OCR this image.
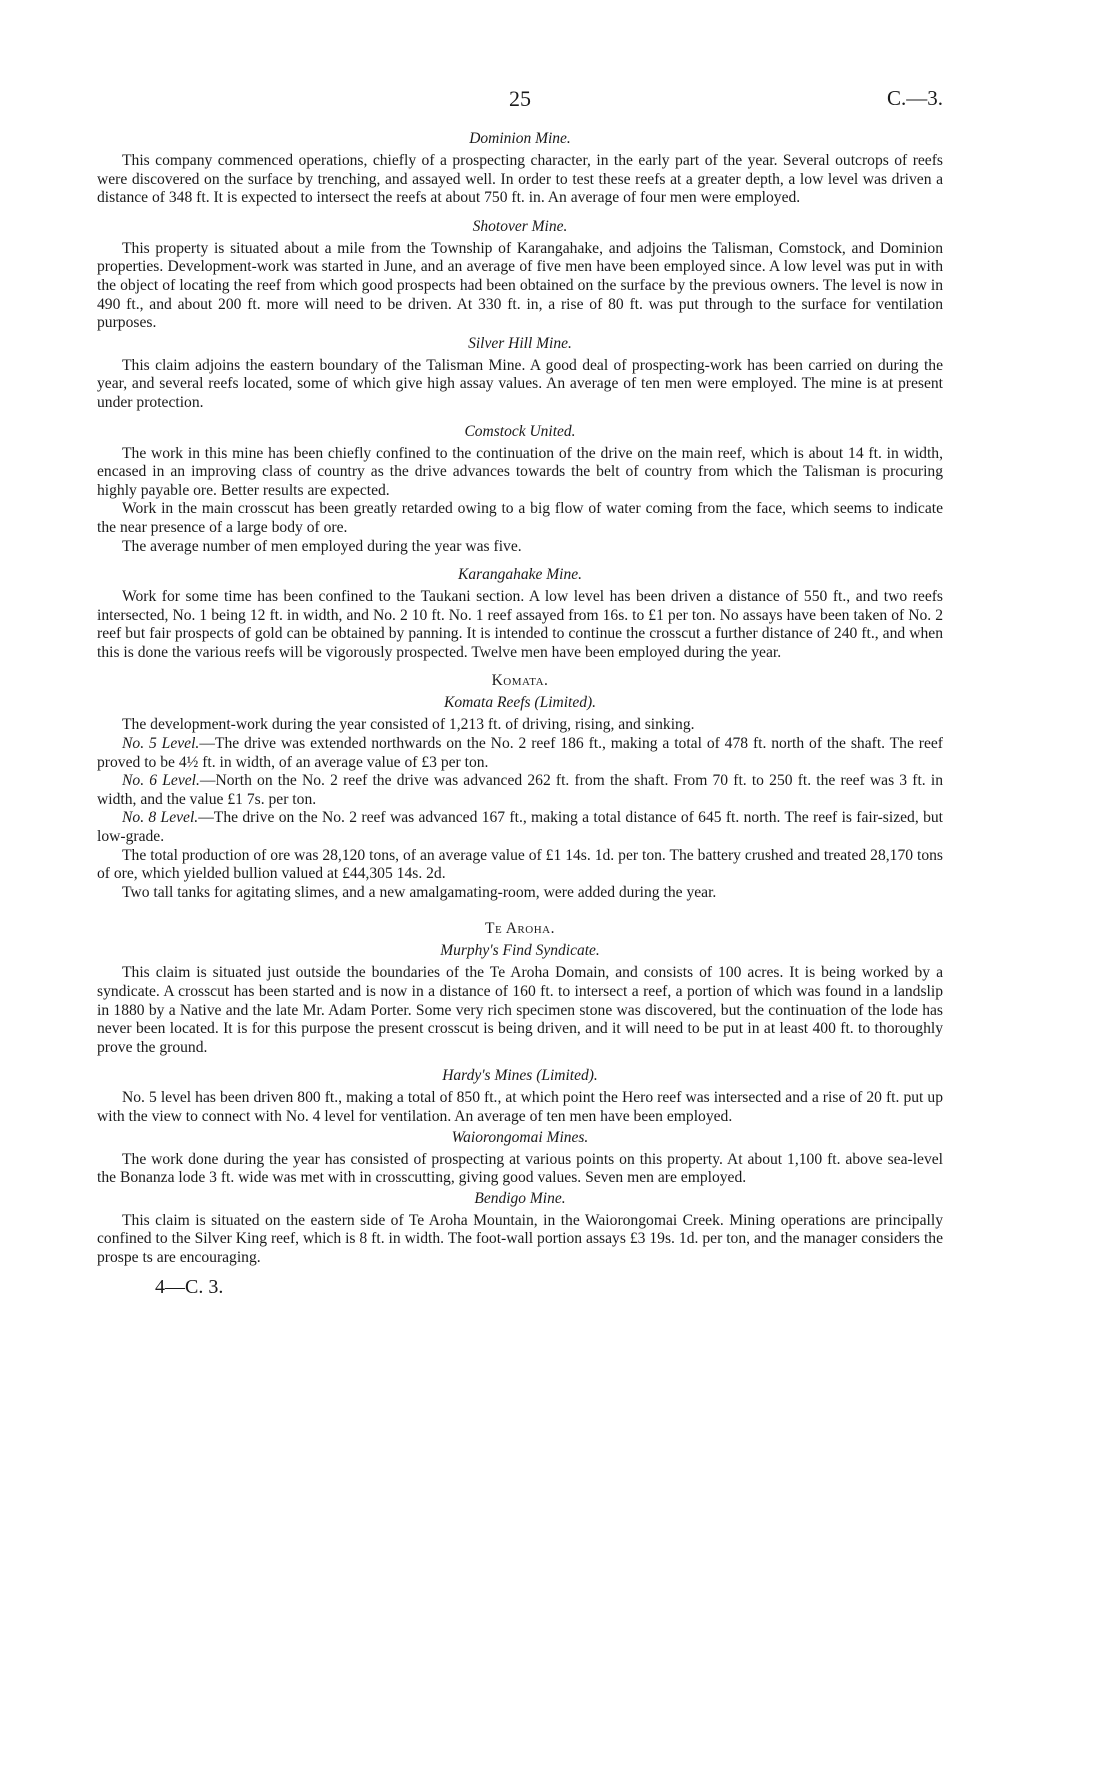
25	C.—3.
Dominion Mine.

This company commenced operations, chiefly of a prospecting character, in the early part of the year. Several outcrops of reefs were discovered on the surface by trenching, and assayed well. In order to test these reefs at a greater depth, a low level was driven a distance of 348 ft. It is expected to intersect the reefs at about 750 ft. in. An average of four men were employed.

Shotover Mine.

This property is situated about a mile from the Township of Karangahake, and adjoins the Talisman, Comstock, and Dominion properties. Development-work was started in June, and an average of five men have been employed since. A low level was put in with the object of locating the reef from which good prospects had been obtained on the surface by the previous owners. The level is now in 490 ft., and about 200 ft. more will need to be driven. At 330 ft. in, a rise of 80 ft. was put through to the surface for ventilation purposes.

Silver Hill Mine.

This claim adjoins the eastern boundary of the Talisman Mine. A good deal of prospecting-work has been carried on during the year, and several reefs located, some of which give high assay values. An average of ten men were employed. The mine is at present under protection.

Comstock United.

The work in this mine has been chiefly confined to the continuation of the drive on the main reef, which is about 14 ft. in width, encased in an improving class of country as the drive advances towards the belt of country from which the Talisman is procuring highly payable ore. Better results are expected.

Work in the main crosscut has been greatly retarded owing to a big flow of water coming from the face, which seems to indicate the near presence of a large body of ore.

The average number of men employed during the year was five.

Karangahake Mine.

Work for some time has been confined to the Taukani section. A low level has been driven a distance of 550 ft., and two reefs intersected, No. 1 being 12 ft. in width, and No. 2 10 ft. No. 1 reef assayed from 16s. to £1 per ton. No assays have been taken of No. 2 reef but fair prospects of gold can be obtained by panning. It is intended to continue the crosscut a further distance of 240 ft., and when this is done the various reefs will be vigorously prospected. Twelve men have been employed during the year.

Komata.
Komata Reefs (Limited).

The development-work during the year consisted of 1,213 ft. of driving, rising, and sinking.

No. 5 Level.—The drive was extended northwards on the No. 2 reef 186 ft., making a total of 478 ft. north of the shaft. The reef proved to be 4½ ft. in width, of an average value of £3 per ton.

No. 6 Level.—North on the No. 2 reef the drive was advanced 262 ft. from the shaft. From 70 ft. to 250 ft. the reef was 3 ft. in width, and the value £1 7s. per ton.

No. 8 Level.—The drive on the No. 2 reef was advanced 167 ft., making a total distance of 645 ft. north. The reef is fair-sized, but low-grade.

The total production of ore was 28,120 tons, of an average value of £1 14s. 1d. per ton. The battery crushed and treated 28,170 tons of ore, which yielded bullion valued at £44,305 14s. 2d.

Two tall tanks for agitating slimes, and a new amalgamating-room, were added during the year.

Te Aroha.
Murphy's Find Syndicate.

This claim is situated just outside the boundaries of the Te Aroha Domain, and consists of 100 acres. It is being worked by a syndicate. A crosscut has been started and is now in a distance of 160 ft. to intersect a reef, a portion of which was found in a landslip in 1880 by a Native and the late Mr. Adam Porter. Some very rich specimen stone was discovered, but the continuation of the lode has never been located. It is for this purpose the present crosscut is being driven, and it will need to be put in at least 400 ft. to thoroughly prove the ground.

Hardy's Mines (Limited).

No. 5 level has been driven 800 ft., making a total of 850 ft., at which point the Hero reef was intersected and a rise of 20 ft. put up with the view to connect with No. 4 level for ventilation. An average of ten men have been employed.

Waiorongomai Mines.

The work done during the year has consisted of prospecting at various points on this property. At about 1,100 ft. above sea-level the Bonanza lode 3 ft. wide was met with in crosscutting, giving good values. Seven men are employed.

Bendigo Mine.

This claim is situated on the eastern side of Te Aroha Mountain, in the Waiorongomai Creek. Mining operations are principally confined to the Silver King reef, which is 8 ft. in width. The foot-wall portion assays £3 19s. 1d. per ton, and the manager considers the prospe ts are encouraging.

4—C. 3.
